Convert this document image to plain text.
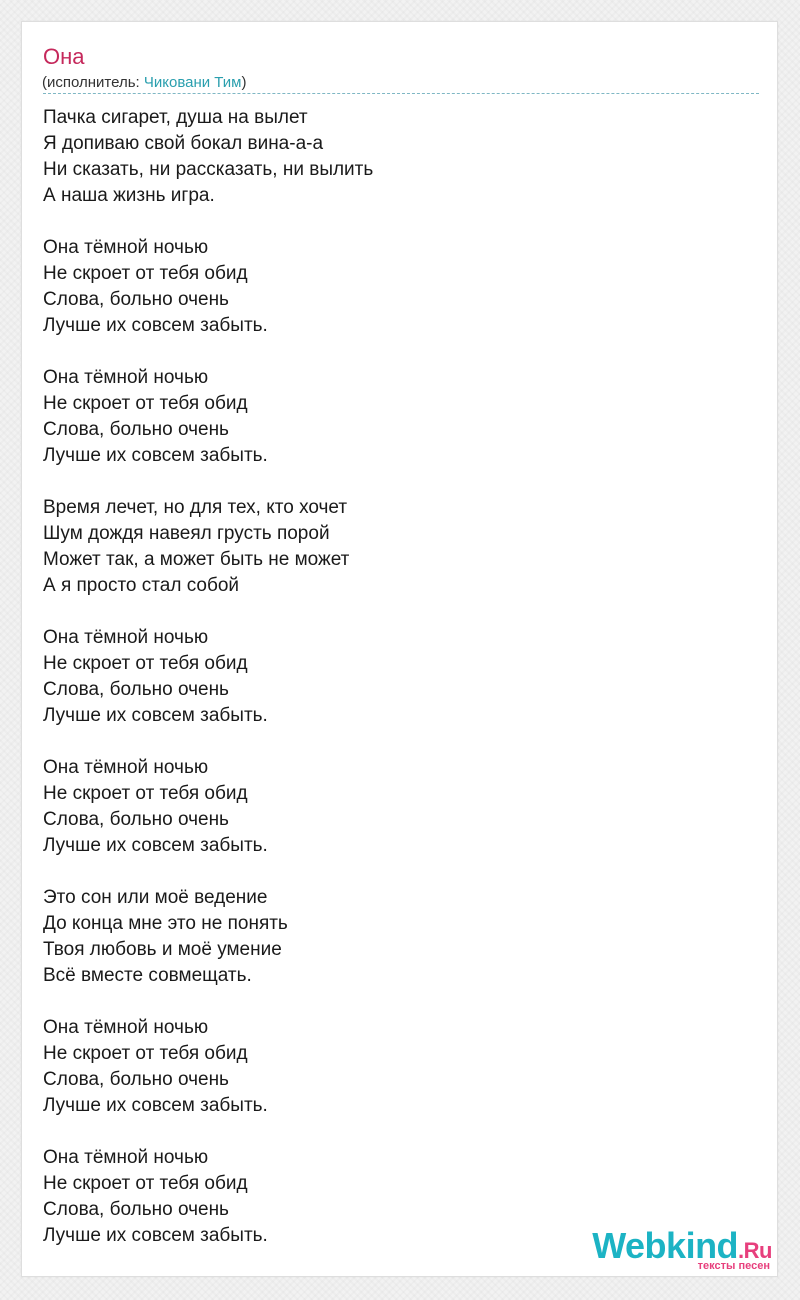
Она
(исполнитель: Чиковани Тим)
Пачка сигарет, душа на вылет
Я допиваю свой бокал вина-а-а
Ни сказать, ни рассказать, ни вылить
А наша жизнь игра.
Она тёмной ночью
Не скроет от тебя обид
Слова, больно очень
Лучше их совсем забыть.
Она тёмной ночью
Не скроет от тебя обид
Слова, больно очень
Лучше их совсем забыть.
Время лечет, но для тех, кто хочет
Шум дождя навеял грусть порой
Может так, а может быть не может
А я просто стал собой
Она тёмной ночью
Не скроет от тебя обид
Слова, больно очень
Лучше их совсем забыть.
Она тёмной ночью
Не скроет от тебя обид
Слова, больно очень
Лучше их совсем забыть.
Это сон или моё ведение
До конца мне это не понять
Твоя любовь и моё умение
Всё вместе совмещать.
Она тёмной ночью
Не скроет от тебя обид
Слова, больно очень
Лучше их совсем забыть.
Она тёмной ночью
Не скроет от тебя обид
Слова, больно очень
Лучше их совсем забыть.	Webkind.Ru
тексты песен
